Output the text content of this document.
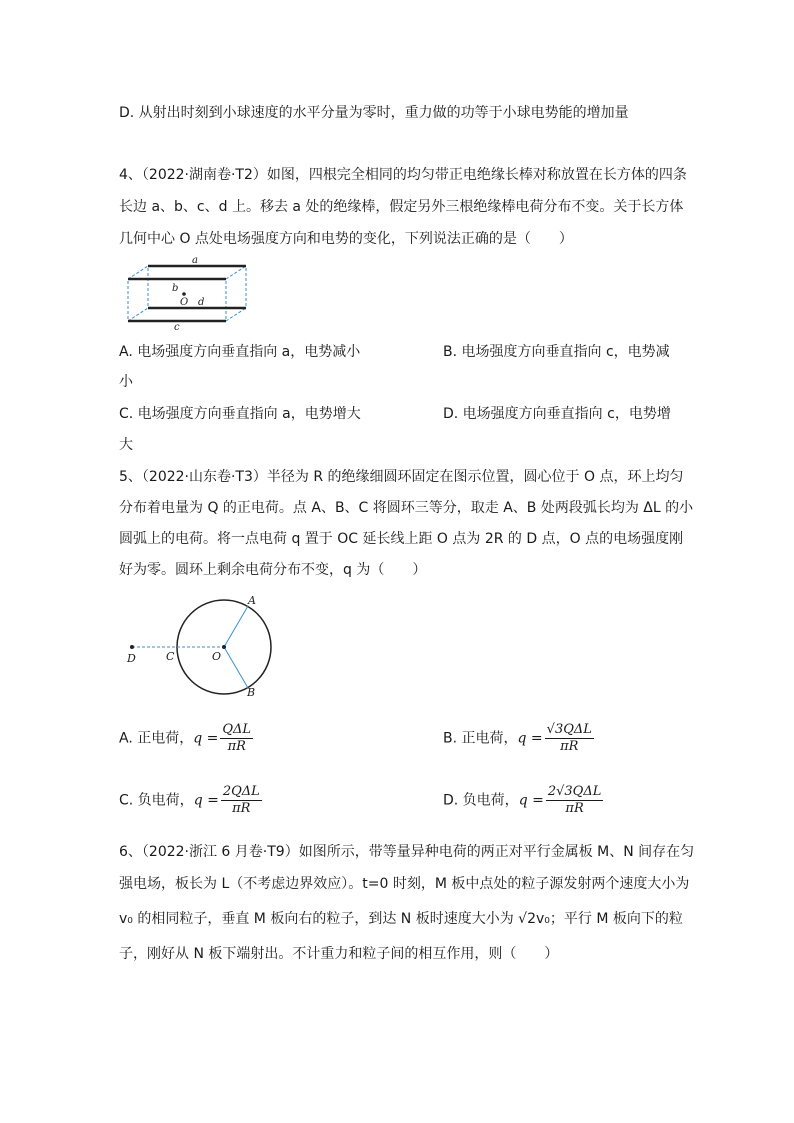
D. 从射出时刻到小球速度的水平分量为零时，重力做的功等于小球电势能的增加量
4、（2022·湖南卷·T2）如图，四根完全相同的均匀带正电绝缘长棒对称放置在长方体的四条
长边 a、b、c、d 上。移去 a 处的绝缘棒，假定另外三根绝缘棒电荷分布不变。关于长方体
几何中心 O 点处电场强度方向和电势的变化，下列说法正确的是（　　）
a
b
O d
c
A. 电场强度方向垂直指向 a，电势减小	B. 电场强度方向垂直指向 c，电势减
小
C. 电场强度方向垂直指向 a，电势增大	D. 电场强度方向垂直指向 c，电势增
大
5、（2022·山东卷·T3）半径为 R 的绝缘细圆环固定在图示位置，圆心位于 O 点，环上均匀
分布着电量为 Q 的正电荷。点 A、B、C 将圆环三等分，取走 A、B 处两段弧长均为 ΔL 的小
圆弧上的电荷。将一点电荷 q 置于 OC 延长线上距 O 点为 2R 的 D 点，O 点的电场强度刚
好为零。圆环上剩余电荷分布不变，q 为（　　）
A
B
C	O
D
A. 正电荷，$q = \frac{\text{QΔL}}{\pi R}$	B. 正电荷，$q = \frac{\text{√3QΔL}}{\pi R}$
C. 负电荷，$q = \frac{\text{2QΔL}}{\pi R}$	D. 负电荷，$q = \frac{\text{2√3QΔL}}{\pi R}$
6、（2022·浙江 6 月卷·T9）如图所示，带等量异种电荷的两正对平行金属板 M、N 间存在匀
强电场，板长为 L（不考虑边界效应）。t=0 时刻，M 板中点处的粒子源发射两个速度大小为
v₀ 的相同粒子，垂直 M 板向右的粒子，到达 N 板时速度大小为 √2v₀；平行 M 板向下的粒
子，刚好从 N 板下端射出。不计重力和粒子间的相互作用，则（　　）
